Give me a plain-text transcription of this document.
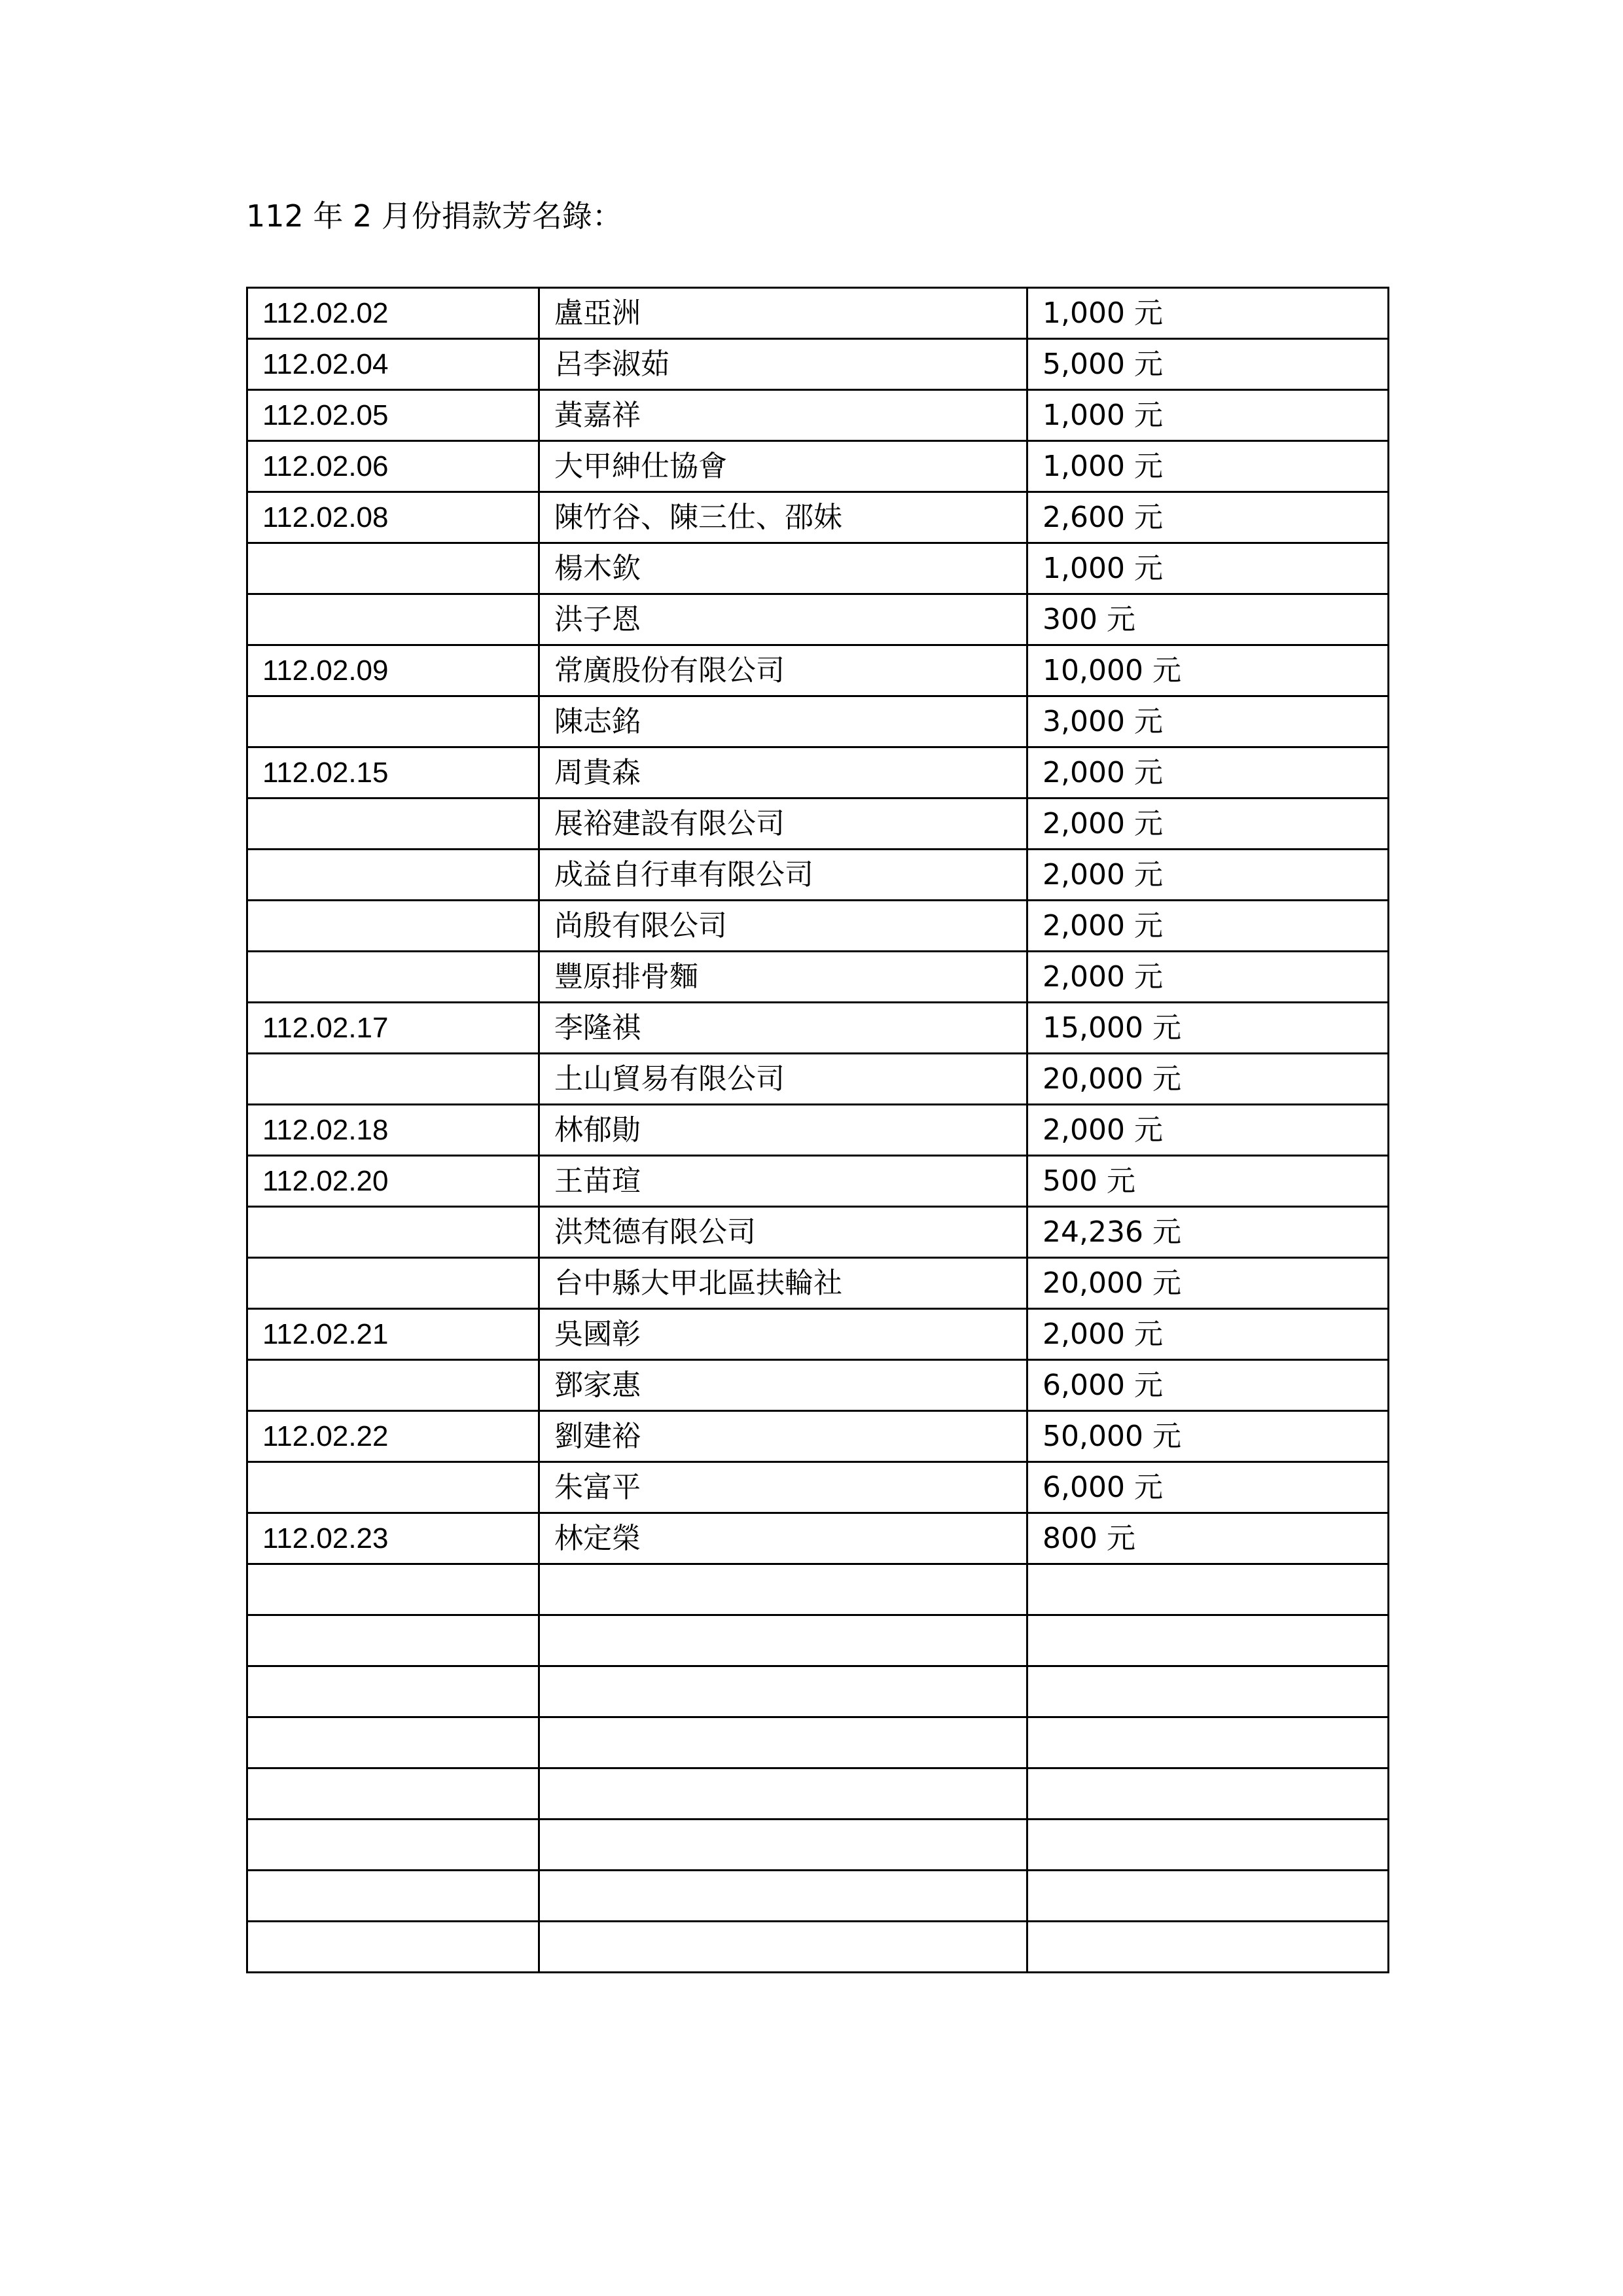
112 年 2 月份捐款芳名錄：
112.02.02	盧亞洲	1,000 元
112.02.04	呂李淑茹	5,000 元
112.02.05	黃嘉祥	1,000 元
112.02.06	大甲紳仕協會	1,000 元
112.02.08	陳竹谷、陳三仕、邵妹	2,600 元
	楊木欽	1,000 元
	洪子恩	300 元
112.02.09	常廣股份有限公司	10,000 元
	陳志銘	3,000 元
112.02.15	周貴森	2,000 元
	展裕建設有限公司	2,000 元
	成益自行車有限公司	2,000 元
	尚殷有限公司	2,000 元
	豐原排骨麵	2,000 元
112.02.17	李隆祺	15,000 元
	土山貿易有限公司	20,000 元
112.02.18	林郁勛	2,000 元
112.02.20	王苗瑄	500 元
	洪梵德有限公司	24,236 元
	台中縣大甲北區扶輪社	20,000 元
112.02.21	吳國彰	2,000 元
	鄧家惠	6,000 元
112.02.22	劉建裕	50,000 元
	朱富平	6,000 元
112.02.23	林定榮	800 元
